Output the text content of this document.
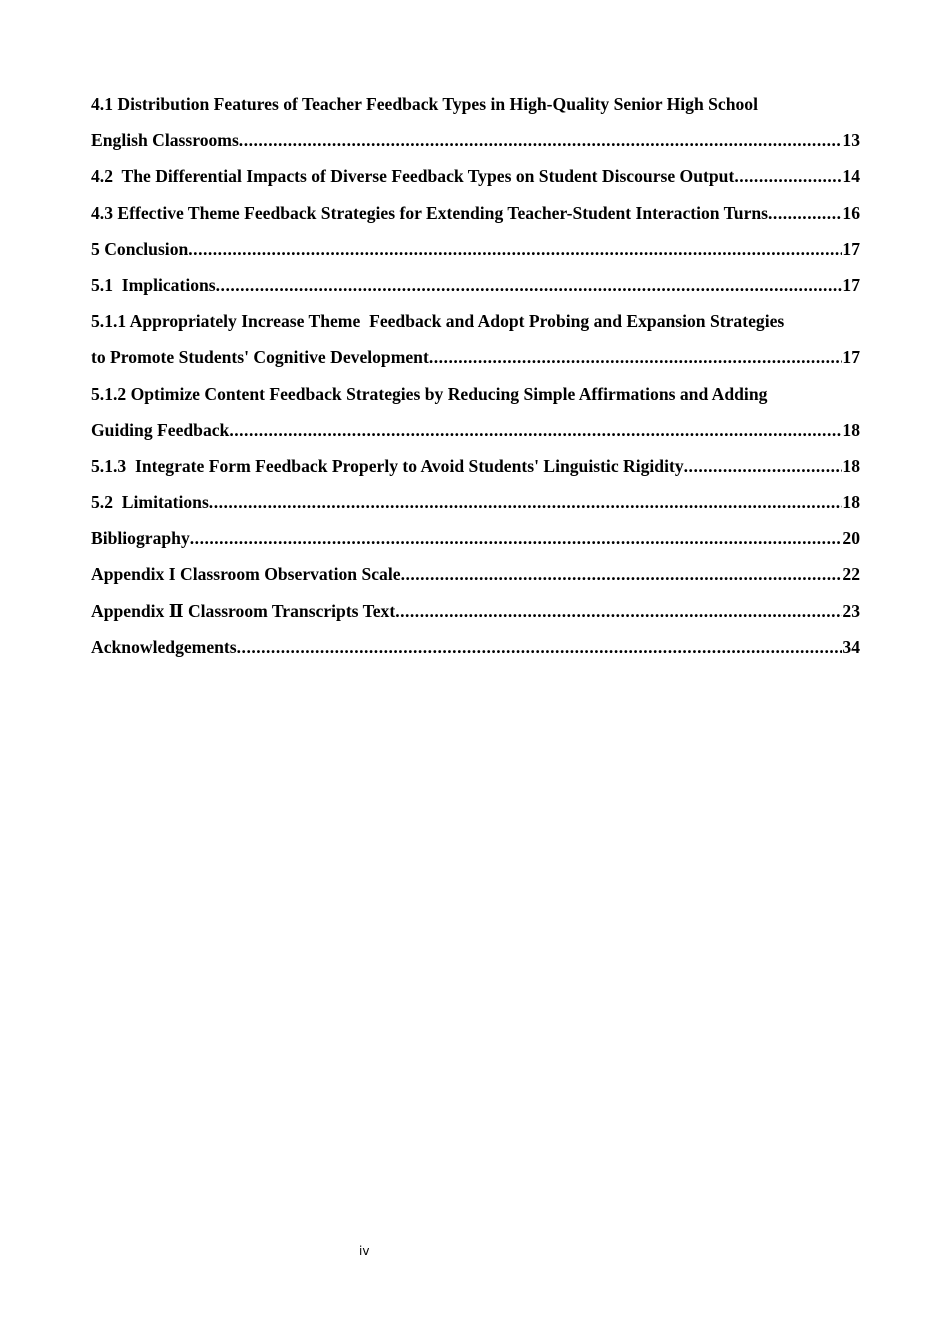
4.1 Distribution Features of Teacher Feedback Types in High-Quality Senior High School
English Classrooms .....	13
4.2  The Differential Impacts of Diverse Feedback Types on Student Discourse Output .....	14
4.3 Effective Theme Feedback Strategies for Extending Teacher-Student Interaction Turns .....	16
5 Conclusion .....	17
5.1  Implications .....	17
5.1.1 Appropriately Increase Theme  Feedback and Adopt Probing and Expansion Strategies
to Promote Students' Cognitive Development .....	17
5.1.2 Optimize Content Feedback Strategies by Reducing Simple Affirmations and Adding
Guiding Feedback .....	18
5.1.3  Integrate Form Feedback Properly to Avoid Students' Linguistic Rigidity .....	18
5.2  Limitations .....	18
Bibliography .....	20
Appendix I Classroom Observation Scale .....	22
Appendix Ⅱ Classroom Transcripts Text .....	23
Acknowledgements .....	34
iv
